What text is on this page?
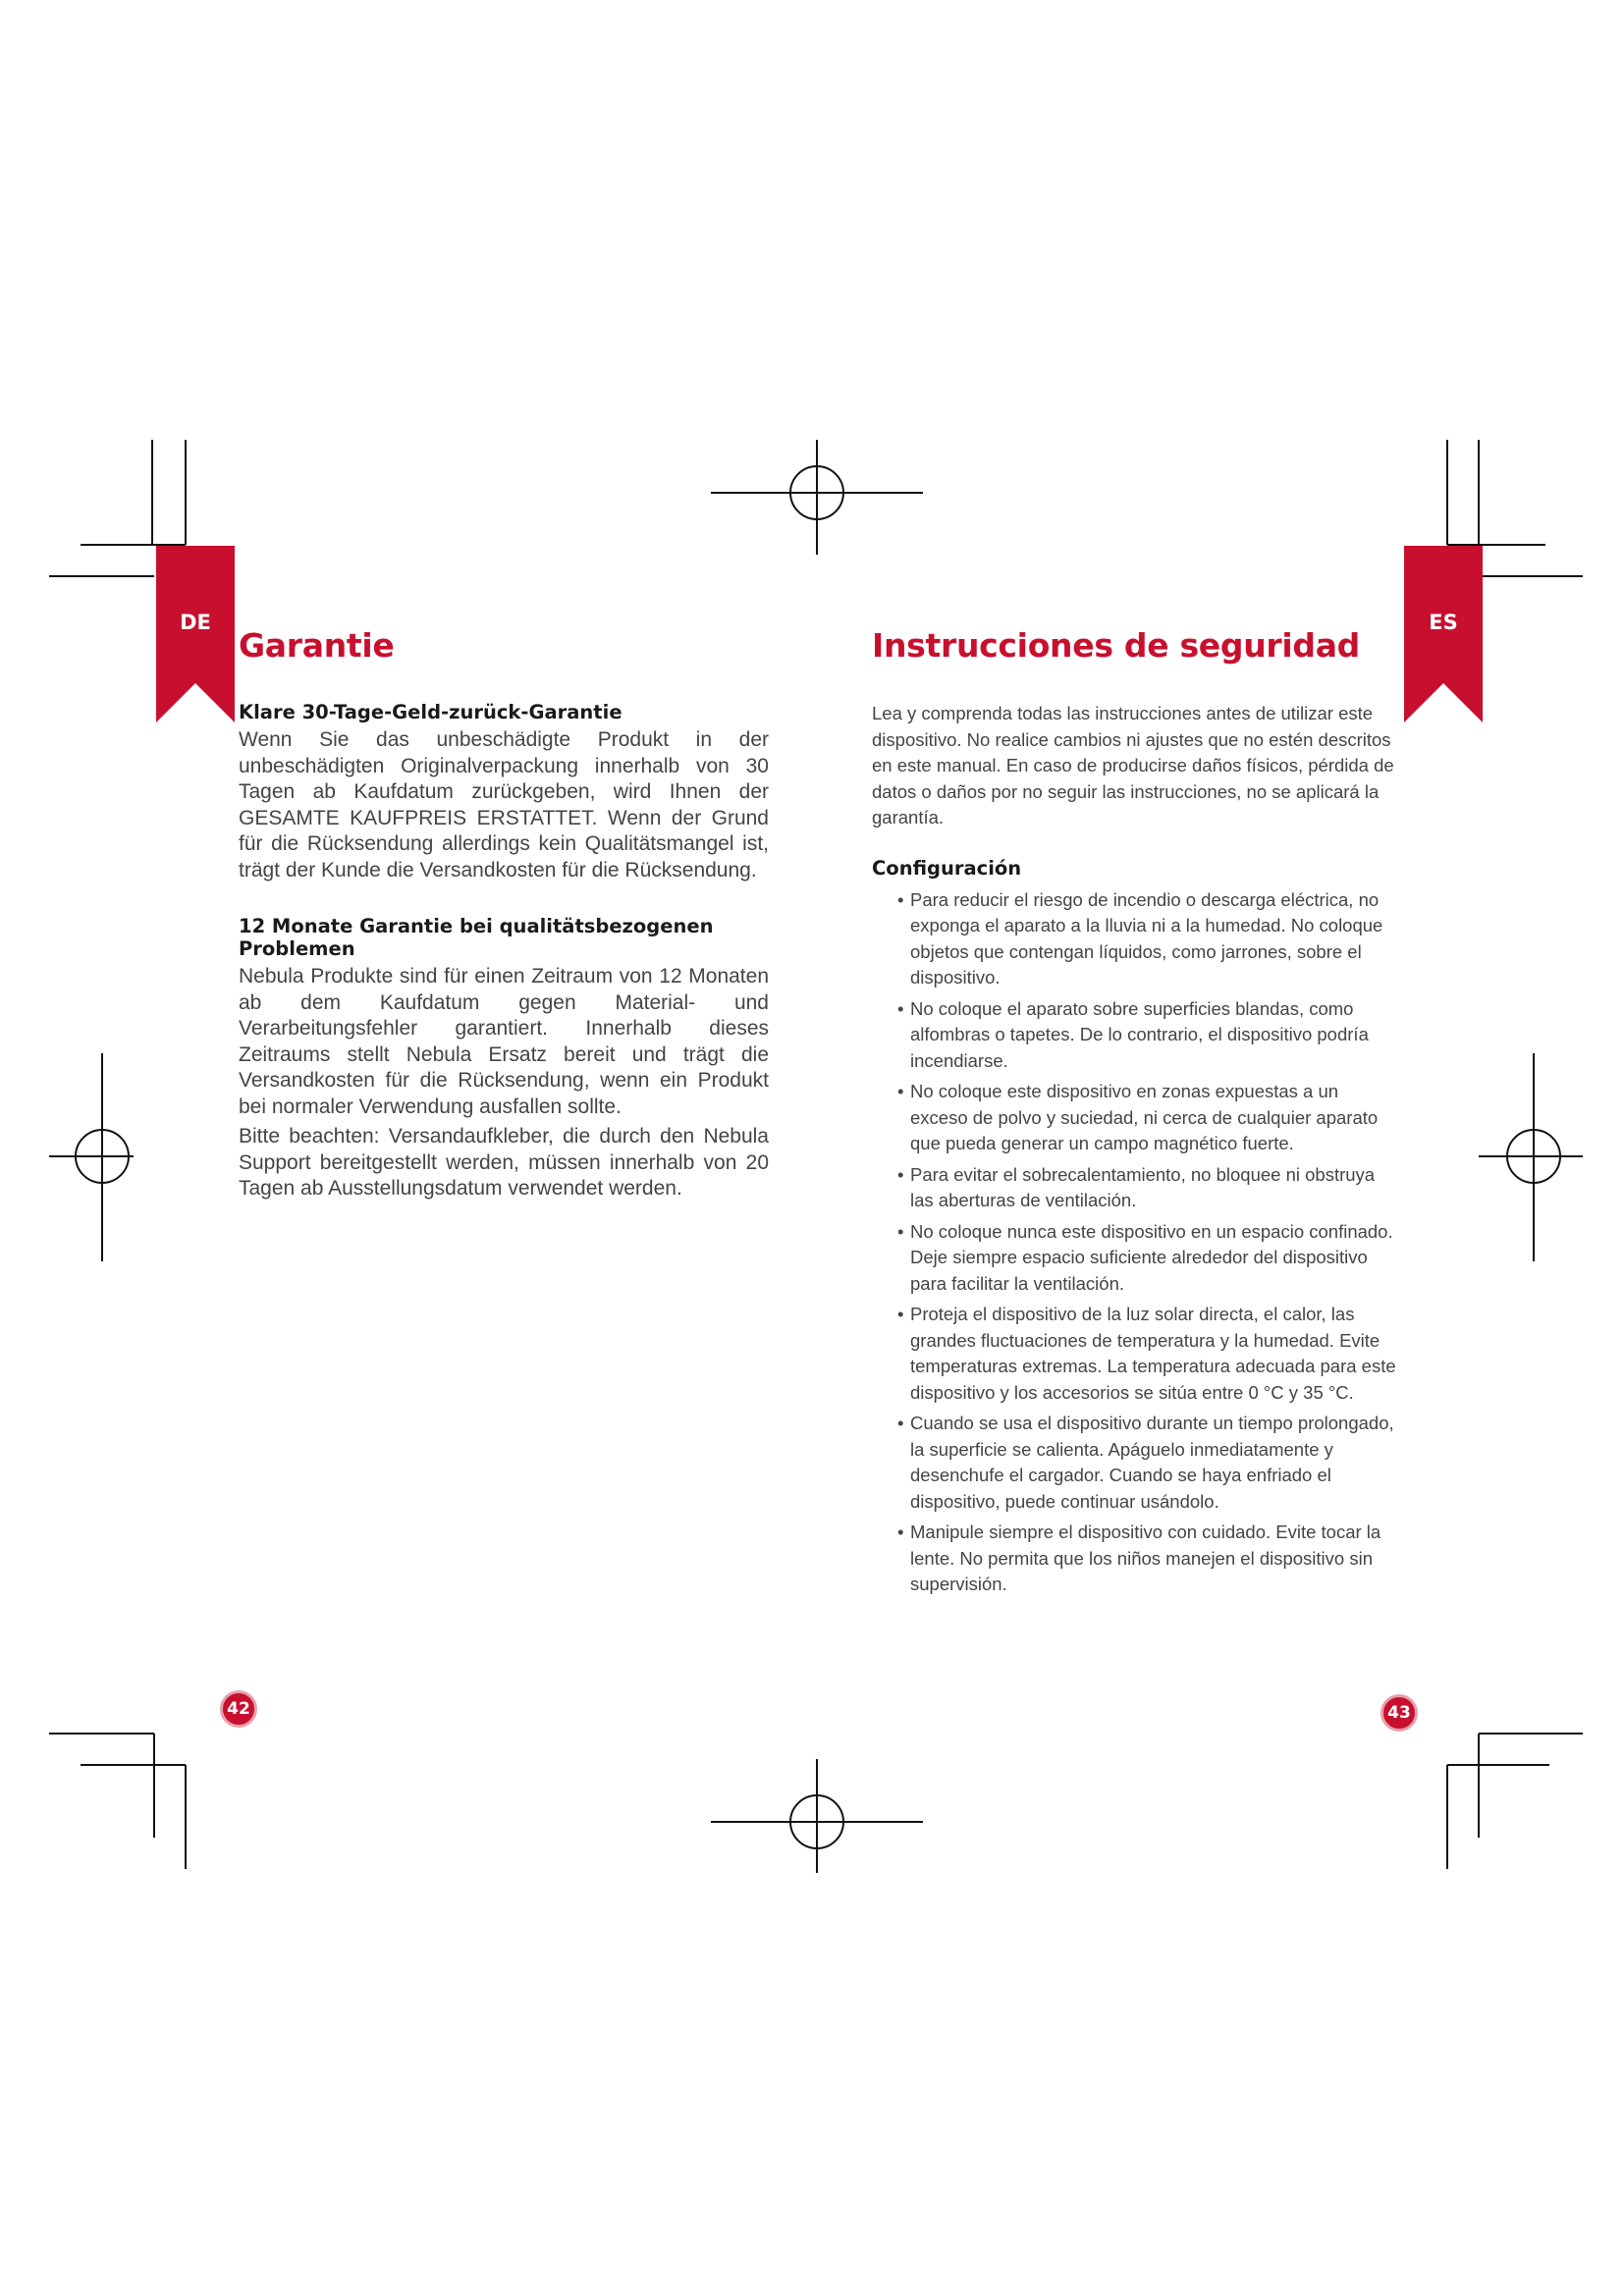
DE
Garantie
Klare 30-Tage-Geld-zurück-Garantie

Wenn Sie das unbeschädigte Produkt in der unbeschädigten Originalverpackung innerhalb von 30 Tagen ab Kaufdatum zurückgeben, wird Ihnen der GESAMTE KAUFPREIS ERSTATTET. Wenn der Grund für die Rücksendung allerdings kein Qualitätsmangel ist, trägt der Kunde die Versandkosten für die Rücksendung.

12 Monate Garantie bei qualitätsbezogenen Problemen

Nebula Produkte sind für einen Zeitraum von 12 Monaten ab dem Kaufdatum gegen Material- und Verarbeitungsfehler garantiert. Innerhalb dieses Zeitraums stellt Nebula Ersatz bereit und trägt die Versandkosten für die Rücksendung, wenn ein Produkt bei normaler Verwendung ausfallen sollte.

Bitte beachten: Versandaufkleber, die durch den Nebula Support bereitgestellt werden, müssen innerhalb von 20 Tagen ab Ausstellungsdatum verwendet werden.

42
ES
Instrucciones de seguridad

Lea y comprenda todas las instrucciones antes de utilizar este dispositivo. No realice cambios ni ajustes que no estén descritos en este manual. En caso de producirse daños físicos, pérdida de datos o daños por no seguir las instrucciones, no se aplicará la garantía.

Configuración
• Para reducir el riesgo de incendio o descarga eléctrica, no exponga el aparato a la lluvia ni a la humedad. No coloque objetos que contengan líquidos, como jarrones, sobre el dispositivo.
• No coloque el aparato sobre superficies blandas, como alfombras o tapetes. De lo contrario, el dispositivo podría incendiarse.
• No coloque este dispositivo en zonas expuestas a un exceso de polvo y suciedad, ni cerca de cualquier aparato que pueda generar un campo magnético fuerte.
• Para evitar el sobrecalentamiento, no bloquee ni obstruya las aberturas de ventilación.
• No coloque nunca este dispositivo en un espacio confinado. Deje siempre espacio suficiente alrededor del dispositivo para facilitar la ventilación.
• Proteja el dispositivo de la luz solar directa, el calor, las grandes fluctuaciones de temperatura y la humedad. Evite temperaturas extremas. La temperatura adecuada para este dispositivo y los accesorios se sitúa entre 0 °C y 35 °C.
• Cuando se usa el dispositivo durante un tiempo prolongado, la superficie se calienta. Apáguelo inmediatamente y desenchufe el cargador. Cuando se haya enfriado el dispositivo, puede continuar usándolo.
• Manipule siempre el dispositivo con cuidado. Evite tocar la lente. No permita que los niños manejen el dispositivo sin supervisión.
43
